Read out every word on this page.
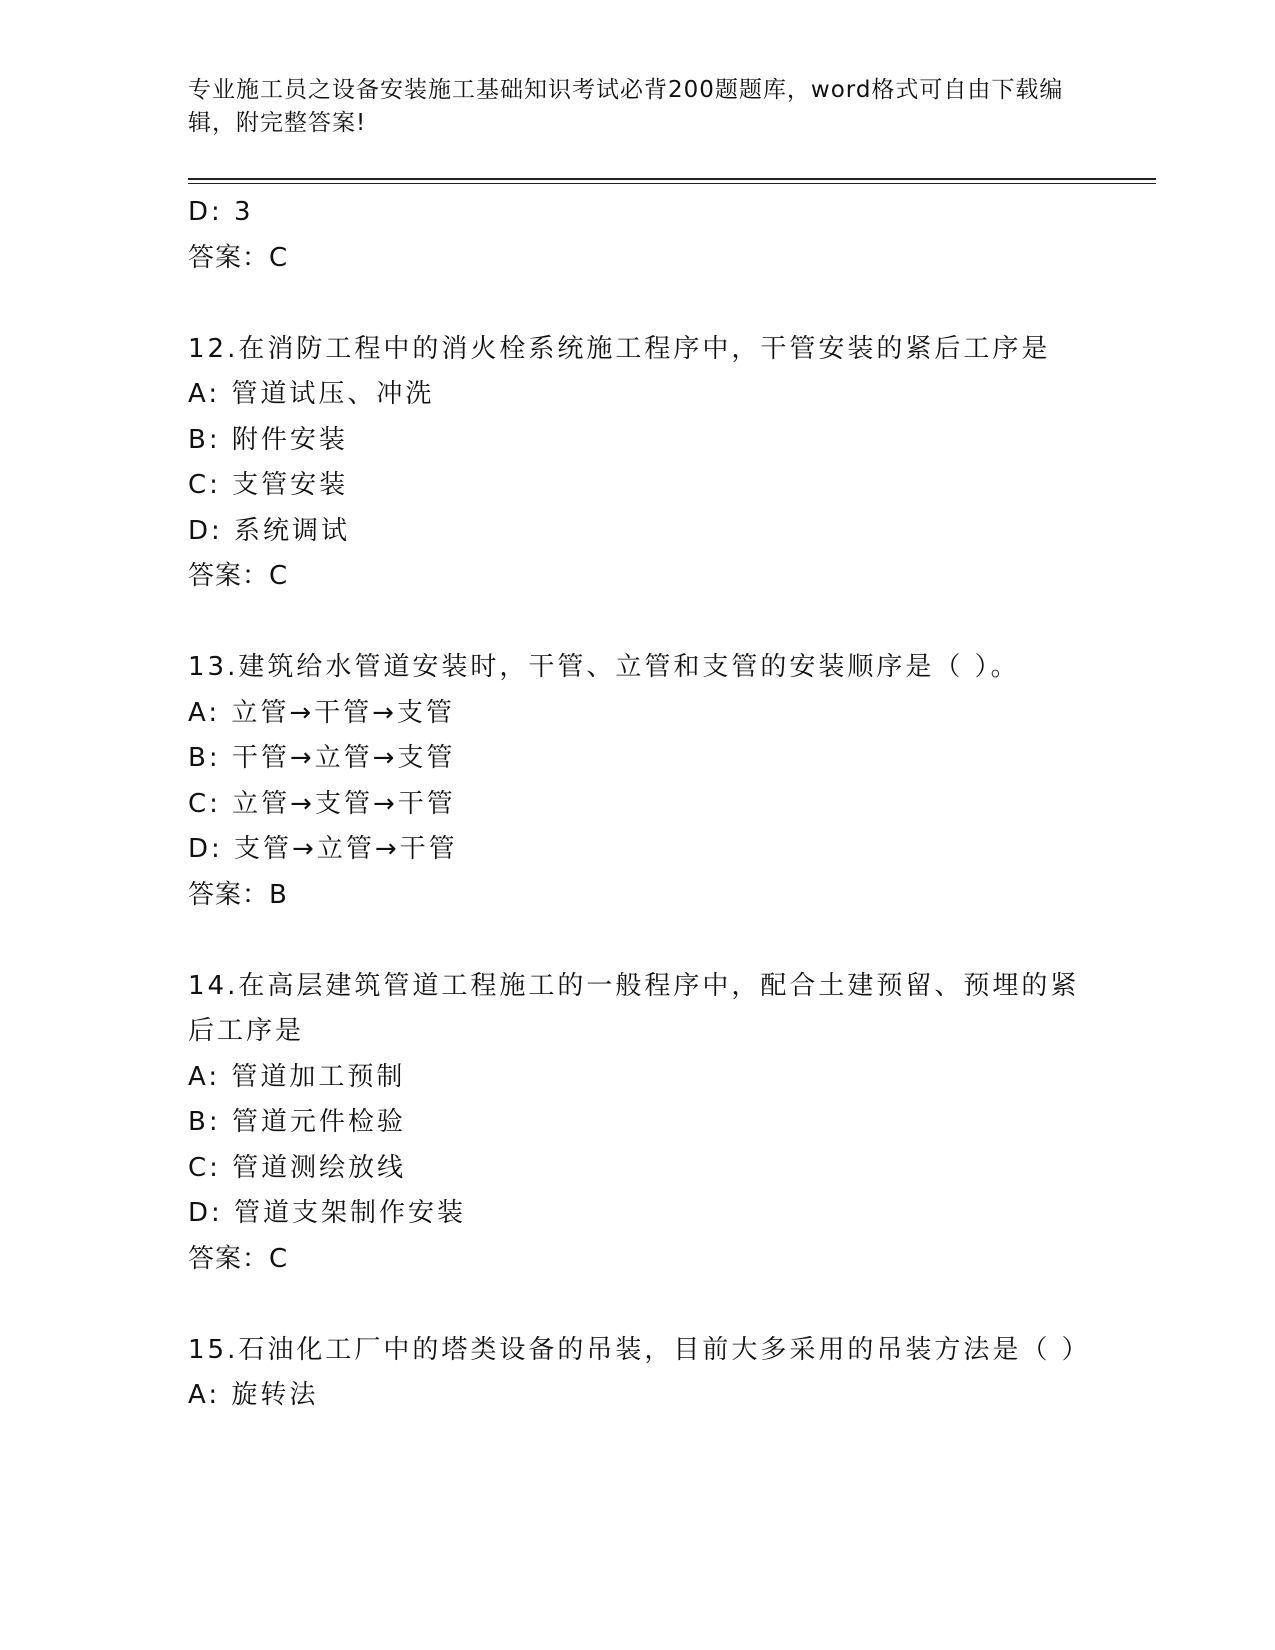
专业施工员之设备安装施工基础知识考试必背200题题库，word格式可自由下载编辑，附完整答案!
D: 3
答案：C
12.在消防工程中的消火栓系统施工程序中，干管安装的紧后工序是
A: 管道试压、冲洗
B: 附件安装
C: 支管安装
D: 系统调试
答案：C
13.建筑给水管道安装时，干管、立管和支管的安装顺序是（ ）。
A: 立管→干管→支管
B: 干管→立管→支管
C: 立管→支管→干管
D: 支管→立管→干管
答案：B
14.在高层建筑管道工程施工的一般程序中，配合土建预留、预埋的紧后工序是
A: 管道加工预制
B: 管道元件检验
C: 管道测绘放线
D: 管道支架制作安装
答案：C
15.石油化工厂中的塔类设备的吊装，目前大多采用的吊装方法是（ ）
A: 旋转法
